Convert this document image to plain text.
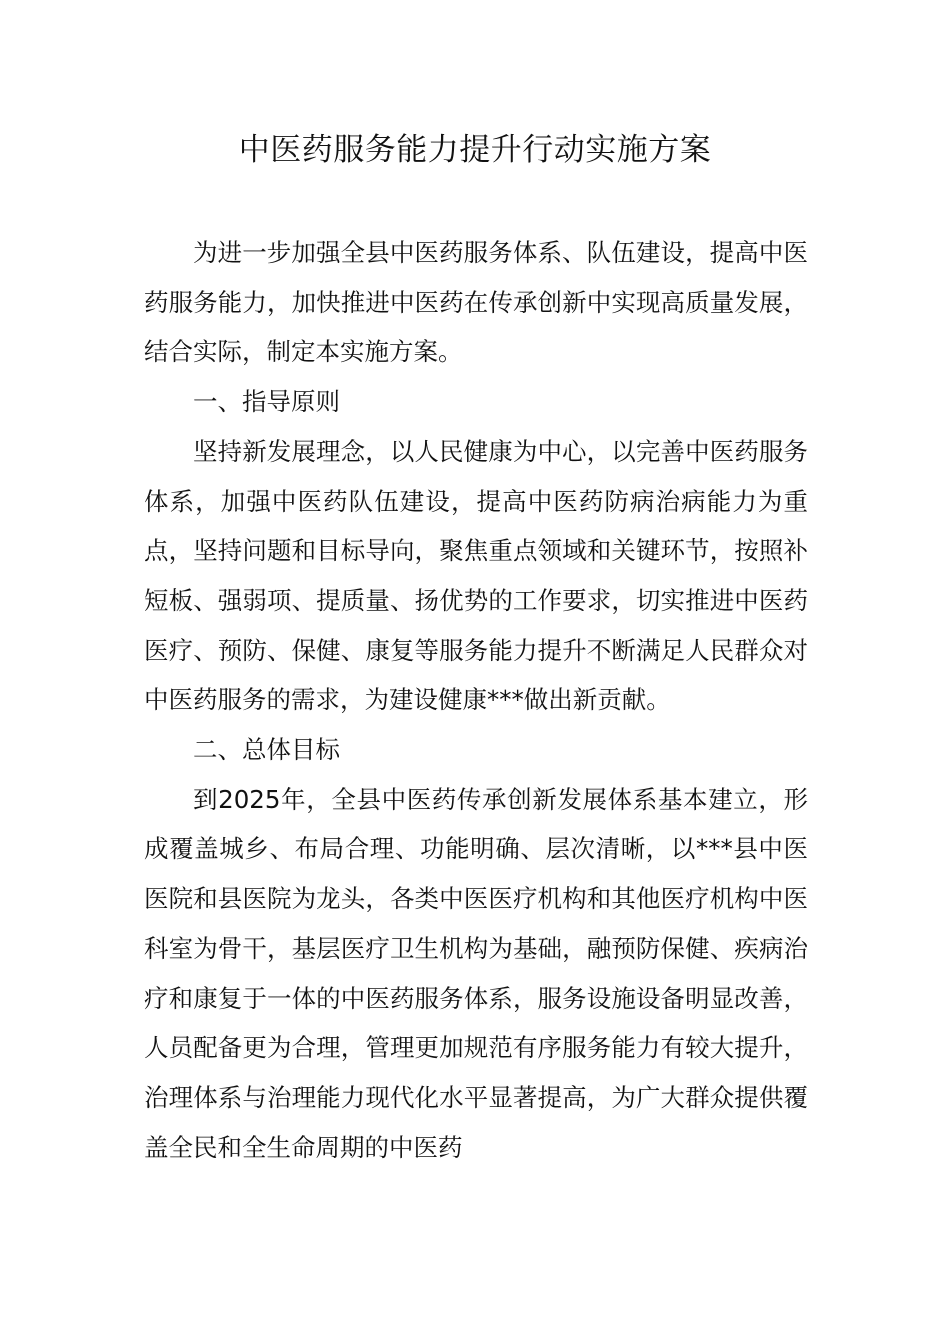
中医药服务能力提升行动实施方案

为进一步加强全县中医药服务体系、队伍建设，提高中医药服务能力，加快推进中医药在传承创新中实现高质量发展，结合实际，制定本实施方案。

一、指导原则

坚持新发展理念，以人民健康为中心，以完善中医药服务体系，加强中医药队伍建设，提高中医药防病治病能力为重点，坚持问题和目标导向，聚焦重点领域和关键环节，按照补短板、强弱项、提质量、扬优势的工作要求，切实推进中医药医疗、预防、保健、康复等服务能力提升不断满足人民群众对中医药服务的需求，为建设健康***做出新贡献。

二、总体目标

到2025年，全县中医药传承创新发展体系基本建立，形成覆盖城乡、布局合理、功能明确、层次清晰，以***县中医医院和县医院为龙头，各类中医医疗机构和其他医疗机构中医科室为骨干，基层医疗卫生机构为基础，融预防保健、疾病治疗和康复于一体的中医药服务体系，服务设施设备明显改善，人员配备更为合理，管理更加规范有序服务能力有较大提升，治理体系与治理能力现代化水平显著提高，为广大群众提供覆盖全民和全生命周期的中医药
